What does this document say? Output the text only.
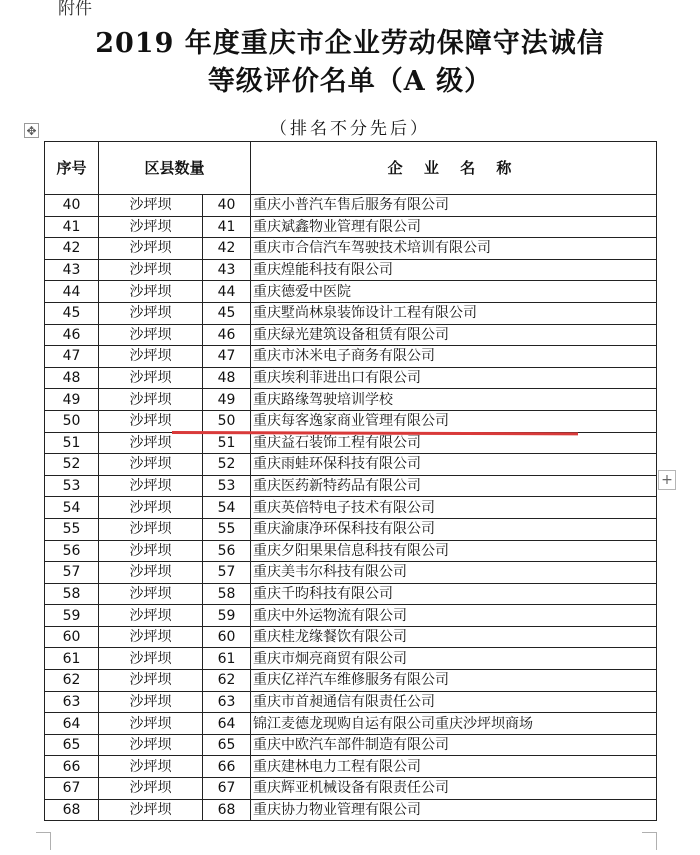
附件
2019 年度重庆市企业劳动保障守法诚信
等级评价名单（A 级）
（排名不分先后）
✥
序号	区县数量		企 业 名 称
40	沙坪坝	40	重庆小普汽车售后服务有限公司
41	沙坪坝	41	重庆斌鑫物业管理有限公司
42	沙坪坝	42	重庆市合信汽车驾驶技术培训有限公司
43	沙坪坝	43	重庆煌能科技有限公司
44	沙坪坝	44	重庆德爱中医院
45	沙坪坝	45	重庆墅尚林泉装饰设计工程有限公司
46	沙坪坝	46	重庆绿光建筑设备租赁有限公司
47	沙坪坝	47	重庆市沐米电子商务有限公司
48	沙坪坝	48	重庆埃利菲进出口有限公司
49	沙坪坝	49	重庆路缘驾驶培训学校
50	沙坪坝	50	重庆每客逸家商业管理有限公司
51	沙坪坝	51	重庆益石装饰工程有限公司
52	沙坪坝	52	重庆雨蛙环保科技有限公司
53	沙坪坝	53	重庆医药新特药品有限公司
54	沙坪坝	54	重庆英倍特电子技术有限公司
55	沙坪坝	55	重庆渝康净环保科技有限公司
56	沙坪坝	56	重庆夕阳果果信息科技有限公司
57	沙坪坝	57	重庆美韦尔科技有限公司
58	沙坪坝	58	重庆千昀科技有限公司
59	沙坪坝	59	重庆中外运物流有限公司
60	沙坪坝	60	重庆桂龙缘餐饮有限公司
61	沙坪坝	61	重庆市炯亮商贸有限公司
62	沙坪坝	62	重庆亿祥汽车维修服务有限公司
63	沙坪坝	63	重庆市首昶通信有限责任公司
64	沙坪坝	64	锦江麦德龙现购自运有限公司重庆沙坪坝商场
65	沙坪坝	65	重庆中欧汽车部件制造有限公司
66	沙坪坝	66	重庆建林电力工程有限公司
67	沙坪坝	67	重庆辉亚机械设备有限责任公司
68	沙坪坝	68	重庆协力物业管理有限公司
+
